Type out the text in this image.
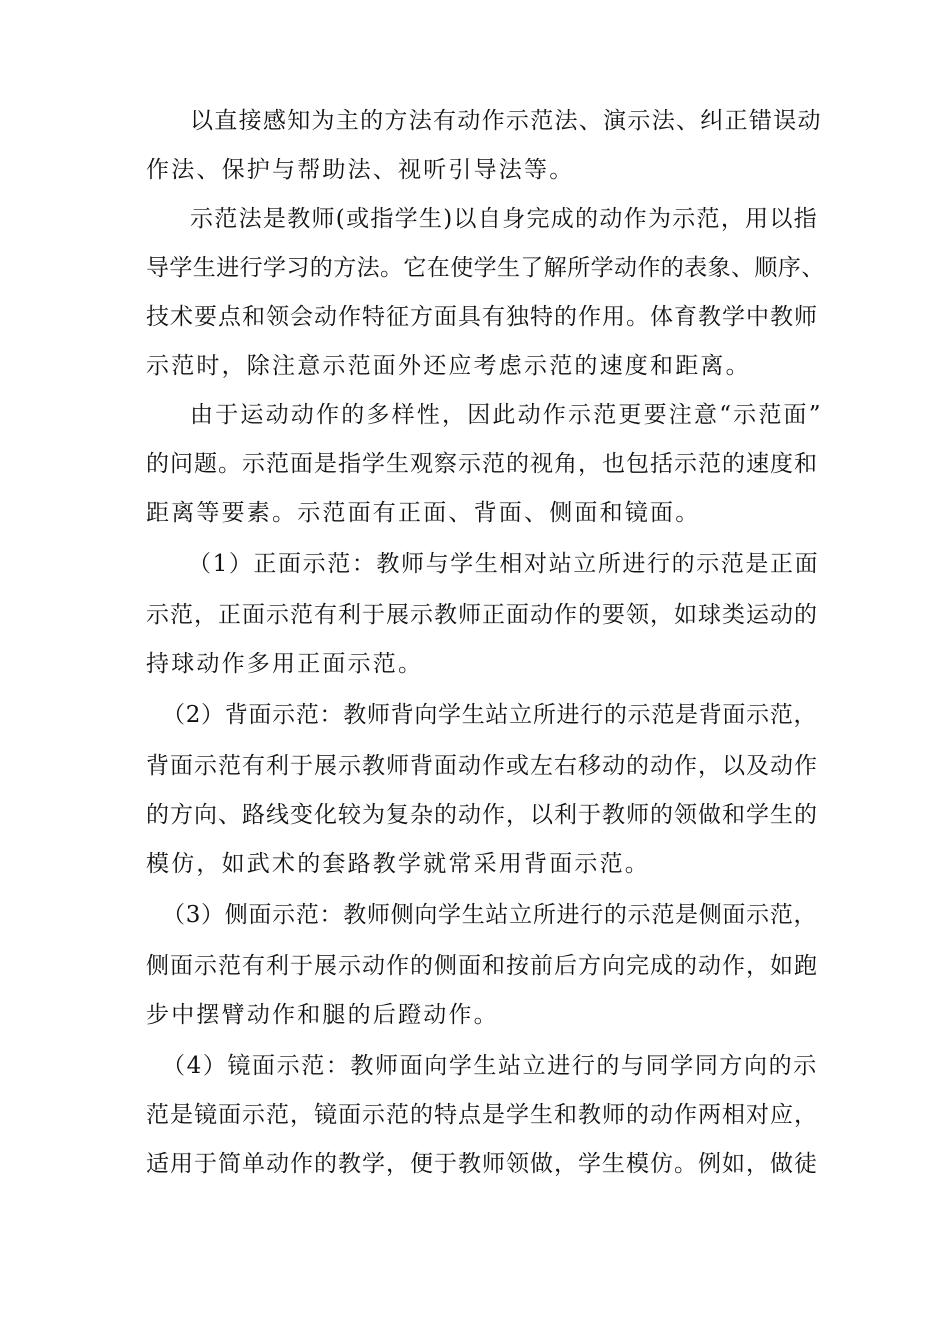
以直接感知为主的方法有动作示范法、演示法、纠正错误动
作法、保护与帮助法、视听引导法等。
示范法是教师(或指学生)以自身完成的动作为示范，用以指
导学生进行学习的方法。它在使学生了解所学动作的表象、顺序、
技术要点和领会动作特征方面具有独特的作用。体育教学中教师
示范时，除注意示范面外还应考虑示范的速度和距离。
由于运动动作的多样性，因此动作示范更要注意“示范面”
的问题。示范面是指学生观察示范的视角，也包括示范的速度和
距离等要素。示范面有正面、背面、侧面和镜面。
（1）正面示范：教师与学生相对站立所进行的示范是正面
示范，正面示范有利于展示教师正面动作的要领，如球类运动的
持球动作多用正面示范。
（2）背面示范：教师背向学生站立所进行的示范是背面示范，
背面示范有利于展示教师背面动作或左右移动的动作，以及动作
的方向、路线变化较为复杂的动作，以利于教师的领做和学生的
模仿，如武术的套路教学就常采用背面示范。
（3）侧面示范：教师侧向学生站立所进行的示范是侧面示范，
侧面示范有利于展示动作的侧面和按前后方向完成的动作，如跑
步中摆臂动作和腿的后蹬动作。
（4）镜面示范：教师面向学生站立进行的与同学同方向的示
范是镜面示范，镜面示范的特点是学生和教师的动作两相对应，
适用于简单动作的教学，便于教师领做，学生模仿。例如，做徒
